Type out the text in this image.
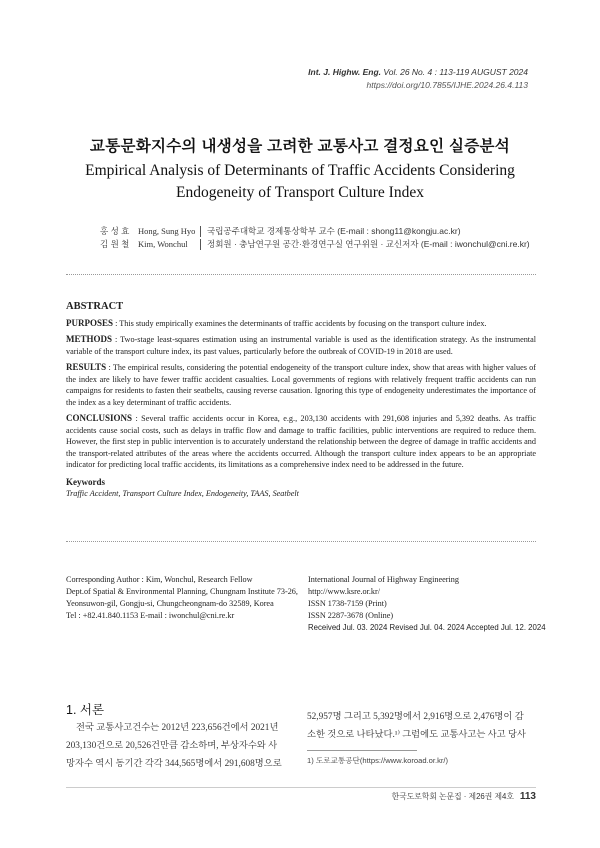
Int. J. Highw. Eng. Vol. 26 No. 4 : 113-119 AUGUST 2024
https://doi.org/10.7855/IJHE.2024.26.4.113
교통문화지수의 내생성을 고려한 교통사고 결정요인 실증분석
Empirical Analysis of Determinants of Traffic Accidents Considering
Endogeneity of Transport Culture Index
홍 성 효	Hong, Sung Hyo	국립공주대학교 경제통상학부 교수 (E-mail : shong11@kongju.ac.kr)
김 원 철	Kim, Wonchul	정회원 · 충남연구원 공간·환경연구실 연구위원 · 교신저자 (E-mail : iwonchul@cni.re.kr)
ABSTRACT

PURPOSES : This study empirically examines the determinants of traffic accidents by focusing on the transport culture index.

METHODS : Two-stage least-squares estimation using an instrumental variable is used as the identification strategy. As the instrumental variable of the transport culture index, its past values, particularly before the outbreak of COVID-19 in 2018 are used.

RESULTS : The empirical results, considering the potential endogeneity of the transport culture index, show that areas with higher values of the index are likely to have fewer traffic accident casualties. Local governments of regions with relatively frequent traffic accidents can run campaigns for residents to fasten their seatbelts, causing reverse causation. Ignoring this type of endogeneity underestimates the importance of the index as a key determinant of traffic accidents.

CONCLUSIONS : Several traffic accidents occur in Korea, e.g., 203,130 accidents with 291,608 injuries and 5,392 deaths. As traffic accidents cause social costs, such as delays in traffic flow and damage to traffic facilities, public interventions are required to reduce them. However, the first step in public intervention is to accurately understand the relationship between the degree of damage in traffic accidents and the transport-related attributes of the areas where the accidents occurred. Although the transport culture index appears to be an appropriate indicator for predicting local traffic accidents, its limitations as a comprehensive index need to be addressed in the future.

Keywords
Traffic Accident, Transport Culture Index, Endogeneity, TAAS, Seatbelt
Corresponding Author : Kim, Wonchul, Research Fellow
Dept.of Spatial & Environmental Planning, Chungnam Institute 73-26,
Yeonsuwon-gil, Gongju-si, Chungcheongnam-do 32589, Korea
Tel : +82.41.840.1153 E-mail : iwonchul@cni.re.kr
International Journal of Highway Engineering
http://www.ksre.or.kr/
ISSN 1738-7159 (Print)
ISSN 2287-3678 (Online)
Received Jul. 03. 2024 Revised Jul. 04. 2024 Accepted Jul. 12. 2024
1. 서론
전국 교통사고건수는 2012년 223,656건에서 2021년
203,130건으로 20,526건만큼 감소하며, 부상자수와 사
망자수 역시 동기간 각각 344,565명에서 291,608명으로
52,957명 그리고 5,392명에서 2,916명으로 2,476명이 감
소한 것으로 나타났다.¹⁾ 그럼에도 교통사고는 사고 당사
1) 도로교통공단(https://www.koroad.or.kr/)
한국도로학회 논문집 · 제26권 제4호 113
